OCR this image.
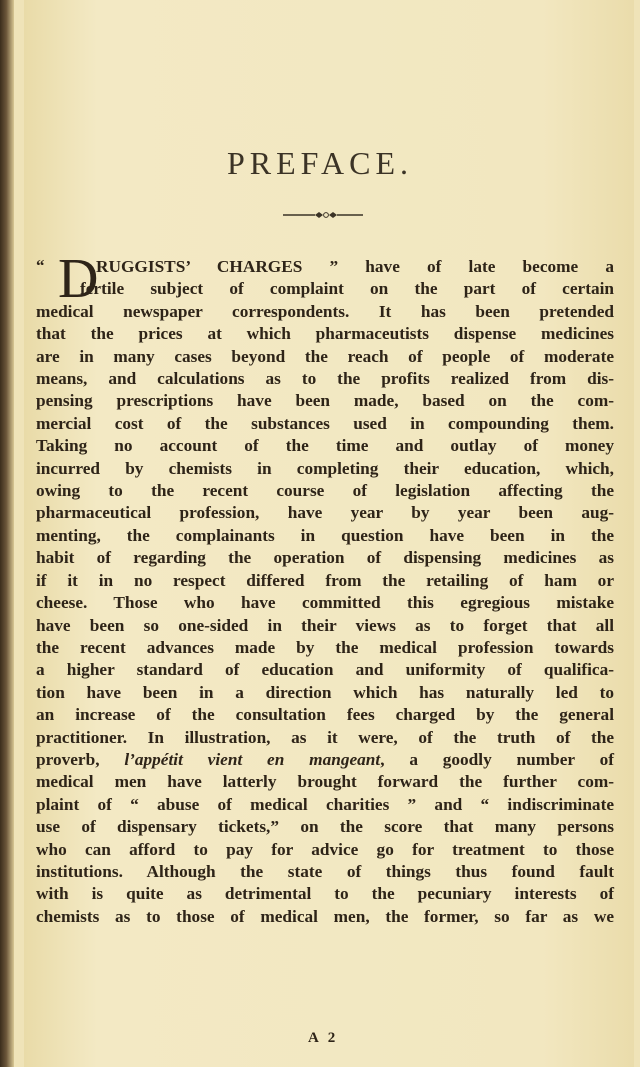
PREFACE.
“ D
RUGGISTS’ CHARGES ” have of late become a
fertile subject of complaint on the part of certain
medical newspaper correspondents. It has been pretended
that the prices at which pharmaceutists dispense medicines
are in many cases beyond the reach of people of moderate
means, and calculations as to the profits realized from dis-
pensing prescriptions have been made, based on the com-
mercial cost of the substances used in compounding them.
Taking no account of the time and outlay of money
incurred by chemists in completing their education, which,
owing to the recent course of legislation affecting the
pharmaceutical profession, have year by year been aug-
menting, the complainants in question have been in the
habit of regarding the operation of dispensing medicines as
if it in no respect differed from the retailing of ham or
cheese. Those who have committed this egregious mistake
have been so one-sided in their views as to forget that all
the recent advances made by the medical profession towards
a higher standard of education and uniformity of qualifica-
tion have been in a direction which has naturally led to
an increase of the consultation fees charged by the general
practitioner. In illustration, as it were, of the truth of the
proverb, l’appétit vient en mangeant, a goodly number of
medical men have latterly brought forward the further com-
plaint of “ abuse of medical charities ” and “ indiscriminate
use of dispensary tickets,” on the score that many persons
who can afford to pay for advice go for treatment to those
institutions. Although the state of things thus found fault
with is quite as detrimental to the pecuniary interests of
chemists as to those of medical men, the former, so far as we
A 2
